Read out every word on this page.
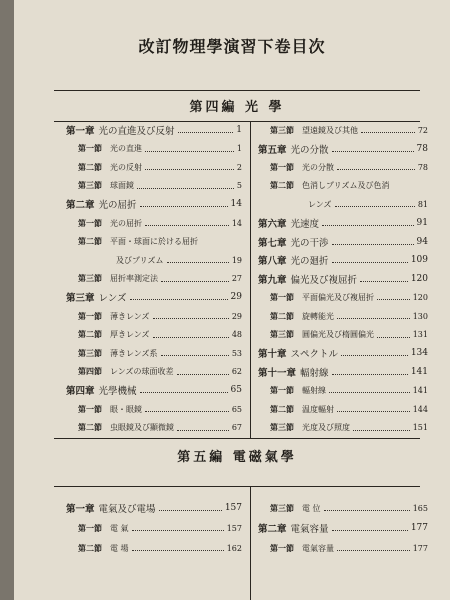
改訂物理學演習下卷目次
第四編 光 學
第一章 光の直進及び反射	1
第一節	光の直進	1
第二節	光の反射	2
第三節	球面鏡	5
第二章 光の屈折	14
第一節	光の屈折	14
第二節	平面・球面に於ける屈折
及びプリズム	19
第三節	屈折率測定法	27
第三章 レンズ	29
第一節	薄きレンズ	29
第二節	厚きレンズ	48
第三節	薄きレンズ系	53
第四節	レンズの球面收差	62
第四章 光學機械	65
第一節	眼・眼鏡	65
第二節	虫眼鏡及び顯微鏡	67
第三節	望遠鏡及び其他	72
第五章 光の分散	78
第一節	光の分散	78
第二節	色消しプリズム及び色消
レンズ	81
第六章 光速度	91
第七章 光の干渉	94
第八章 光の廻折	109
第九章 偏光及び複屈折	120
第一節	平面偏光及び複屈折	120
第二節	旋轉能光	130
第三節	圓偏光及び楕圓偏光	131
第十章 スペクトル	134
第十一章 輻射線	141
第一節	輻射線	141
第二節	温度輻射	144
第三節	光度及び照度	151
第五編 電磁氣學
第一章 電氣及び電場	157
第一節	電 氣	157
第二節	電 場	162
第三節	電 位	165
第二章 電氣容量	177
第一節	電氣容量	177
